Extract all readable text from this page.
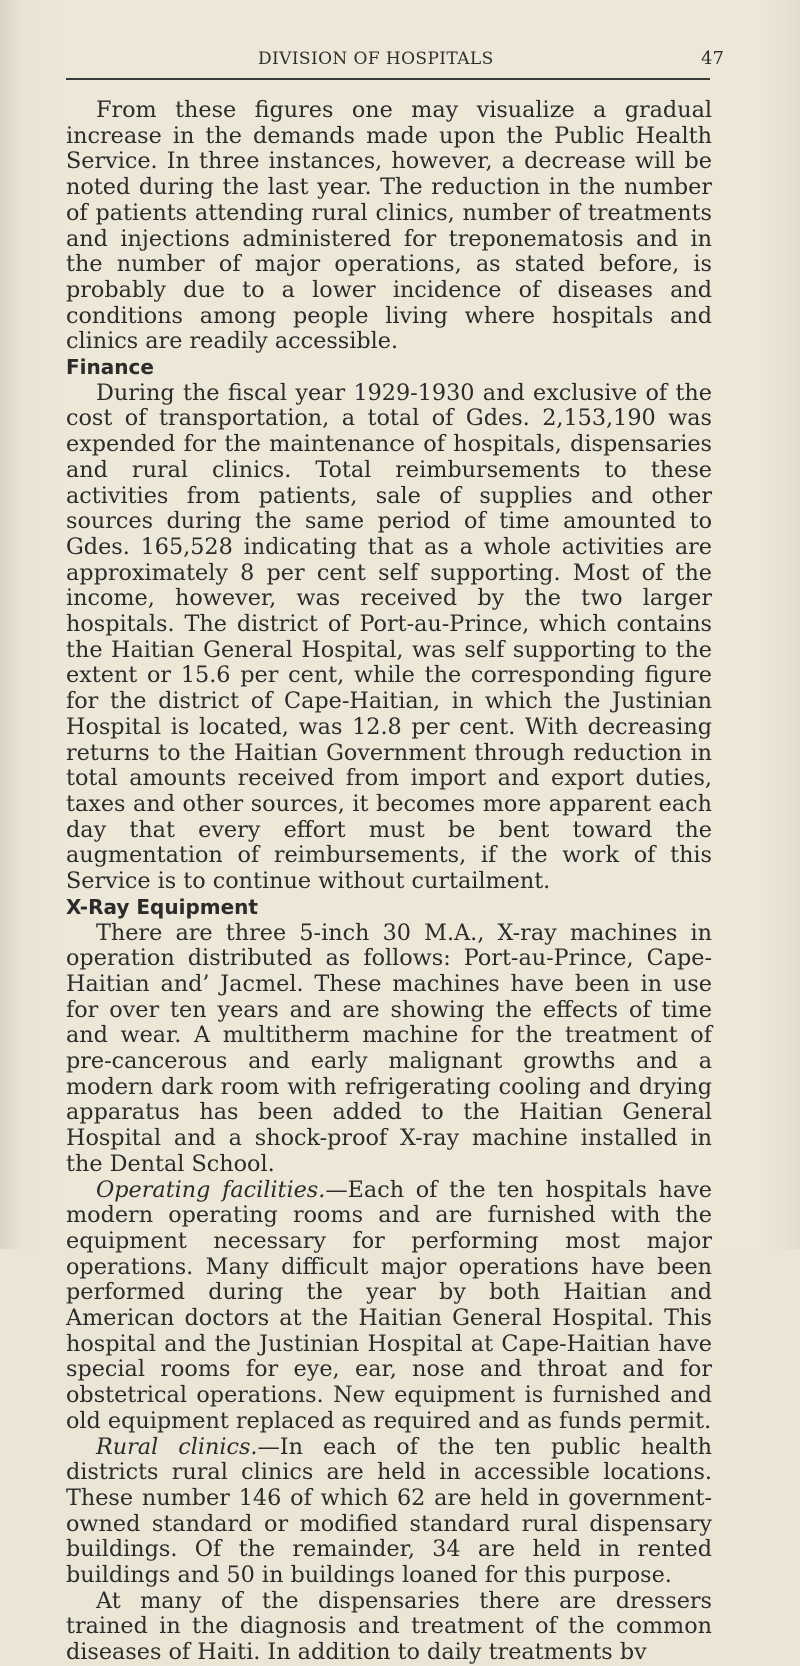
DIVISION OF HOSPITALS	47

From these figures one may visualize a gradual increase in the demands made upon the Public Health Service. In three instances, however, a decrease will be noted during the last year. The reduction in the number of patients attending rural clinics, number of treatments and injections administered for treponematosis and in the number of major operations, as stated before, is probably due to a lower incidence of diseases and conditions among people living where hospitals and clinics are readily accessible.

Finance

During the fiscal year 1929-1930 and exclusive of the cost of transportation, a total of Gdes. 2,153,190 was expended for the maintenance of hospitals, dispensaries and rural clinics. Total reimbursements to these activities from patients, sale of supplies and other sources during the same period of time amounted to Gdes. 165,528 indicating that as a whole activities are approximately 8 per cent self supporting. Most of the income, however, was received by the two larger hospitals. The district of Port-au-Prince, which contains the Haitian General Hospital, was self supporting to the extent or 15.6 per cent, while the corresponding figure for the district of Cape-Haitian, in which the Justinian Hospital is located, was 12.8 per cent. With decreasing returns to the Haitian Government through reduction in total amounts received from import and export duties, taxes and other sources, it becomes more apparent each day that every effort must be bent toward the augmentation of reimbursements, if the work of this Service is to continue without curtailment.

X-Ray Equipment

There are three 5-inch 30 M.A., X-ray machines in operation distributed as follows: Port-au-Prince, Cape-Haitian and’ Jacmel. These machines have been in use for over ten years and are showing the effects of time and wear. A multitherm machine for the treatment of pre-cancerous and early malignant growths and a modern dark room with refrigerating cooling and drying apparatus has been added to the Haitian General Hospital and a shock-proof X-ray machine installed in the Dental School.

Operating facilities.—Each of the ten hospitals have modern operating rooms and are furnished with the equipment necessary for performing most major operations. Many difficult major operations have been performed during the year by both Haitian and American doctors at the Haitian General Hospital. This hospital and the Justinian Hospital at Cape-Haitian have special rooms for eye, ear, nose and throat and for obstetrical operations. New equipment is furnished and old equipment replaced as required and as funds permit.

Rural clinics.—In each of the ten public health districts rural clinics are held in accessible locations. These number 146 of which 62 are held in government-owned standard or modified standard rural dispensary buildings. Of the remainder, 34 are held in rented buildings and 50 in buildings loaned for this purpose.

At many of the dispensaries there are dressers trained in the diagnosis and treatment of the common diseases of Haiti. In addition to daily treatments bv
